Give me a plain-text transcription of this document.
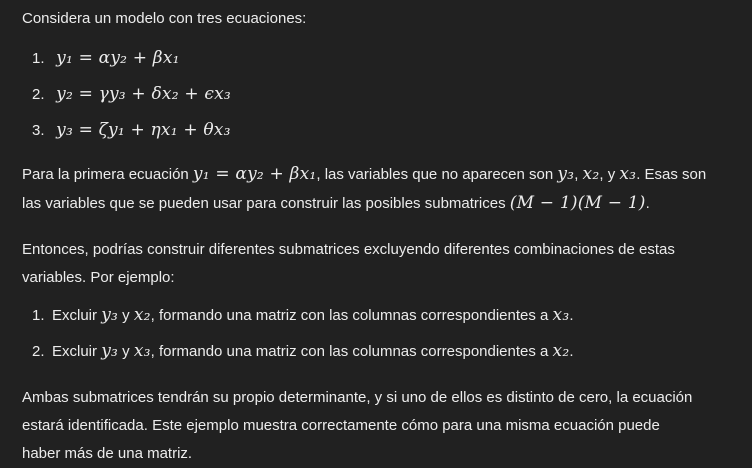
Considera un modelo con tres ecuaciones:

1. y₁ = αy₂ + βx₁
2. y₂ = γy₃ + δx₂ + ϵx₃
3. y₃ = ζy₁ + ηx₁ + θx₃
Para la primera ecuación y₁ = αy₂ + βx₁, las variables que no aparecen son y₃, x₂, y x₃. Esas son
las variables que se pueden usar para construir las posibles submatrices (M − 1)(M − 1).
Entonces, podrías construir diferentes submatrices excluyendo diferentes combinaciones de estas
variables. Por ejemplo:
1. Excluir y₃ y x₂, formando una matriz con las columnas correspondientes a x₃.
2. Excluir y₃ y x₃, formando una matriz con las columnas correspondientes a x₂.
Ambas submatrices tendrán su propio determinante, y si uno de ellos es distinto de cero, la ecuación
estará identificada. Este ejemplo muestra correctamente cómo para una misma ecuación puede
haber más de una matriz.
